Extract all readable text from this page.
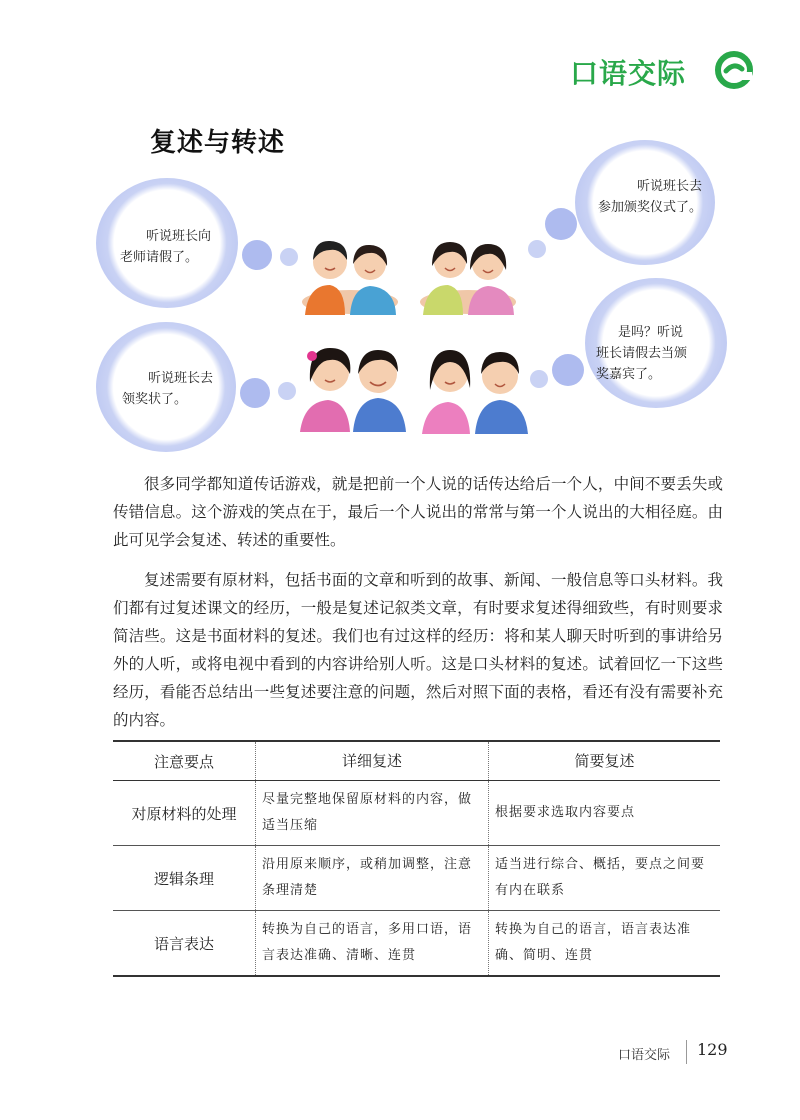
口语交际
复述与转述
听说班长向
老师请假了。
听说班长去
领奖状了。
听说班长去
参加颁奖仪式了。
是吗？听说
班长请假去当颁
奖嘉宾了。

很多同学都知道传话游戏，就是把前一个人说的话传达给后一个人，中间不要丢失或传错信息。这个游戏的笑点在于，最后一个人说出的常常与第一个人说出的大相径庭。由此可见学会复述、转述的重要性。

复述需要有原材料，包括书面的文章和听到的故事、新闻、一般信息等口头材料。我们都有过复述课文的经历，一般是复述记叙类文章，有时要求复述得细致些，有时则要求简洁些。这是书面材料的复述。我们也有过这样的经历：将和某人聊天时听到的事讲给另外的人听，或将电视中看到的内容讲给别人听。这是口头材料的复述。试着回忆一下这些经历，看能否总结出一些复述要注意的问题，然后对照下面的表格，看还有没有需要补充的内容。

注意要点	详细复述	简要复述
对原材料的处理	尽量完整地保留原材料的内容，做适当压缩	根据要求选取内容要点
逻辑条理	沿用原来顺序，或稍加调整，注意条理清楚	适当进行综合、概括，要点之间要有内在联系
语言表达	转换为自己的语言，多用口语，语言表达准确、清晰、连贯	转换为自己的语言，语言表达准确、简明、连贯
口语交际 129
